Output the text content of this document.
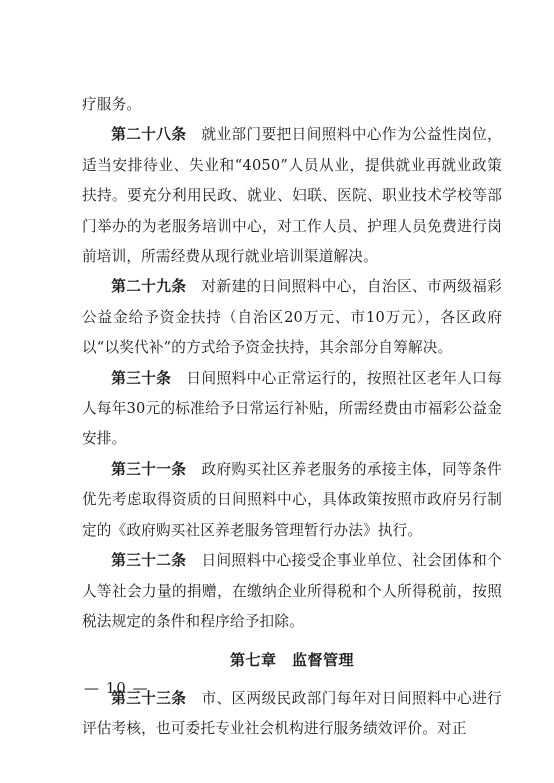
疗服务。

第二十八条　 就业部门要把日间照料中心作为公益性岗位，适当安排待业、失业和“4050”人员从业，提供就业再就业政策扶持。要充分利用民政、就业、妇联、医院、职业技术学校等部门举办的为老服务培训中心，对工作人员、护理人员免费进行岗前培训，所需经费从现行就业培训渠道解决。

第二十九条　 对新建的日间照料中心，自治区、市两级福彩公益金给予资金扶持（自治区20万元、市10万元），各区政府以“以奖代补”的方式给予资金扶持，其余部分自筹解决。

第三十条　 日间照料中心正常运行的，按照社区老年人口每人每年30元的标准给予日常运行补贴，所需经费由市福彩公益金安排。

第三十一条　 政府购买社区养老服务的承接主体，同等条件优先考虑取得资质的日间照料中心，具体政策按照市政府另行制定的《政府购买社区养老服务管理暂行办法》执行。

第三十二条　 日间照料中心接受企事业单位、社会团体和个人等社会力量的捐赠，在缴纳企业所得税和个人所得税前，按照税法规定的条件和程序给予扣除。

第七章　监督管理

第三十三条　 市、区两级民政部门每年对日间照料中心进行评估考核，也可委托专业社会机构进行服务绩效评价。对正

— 10 —
